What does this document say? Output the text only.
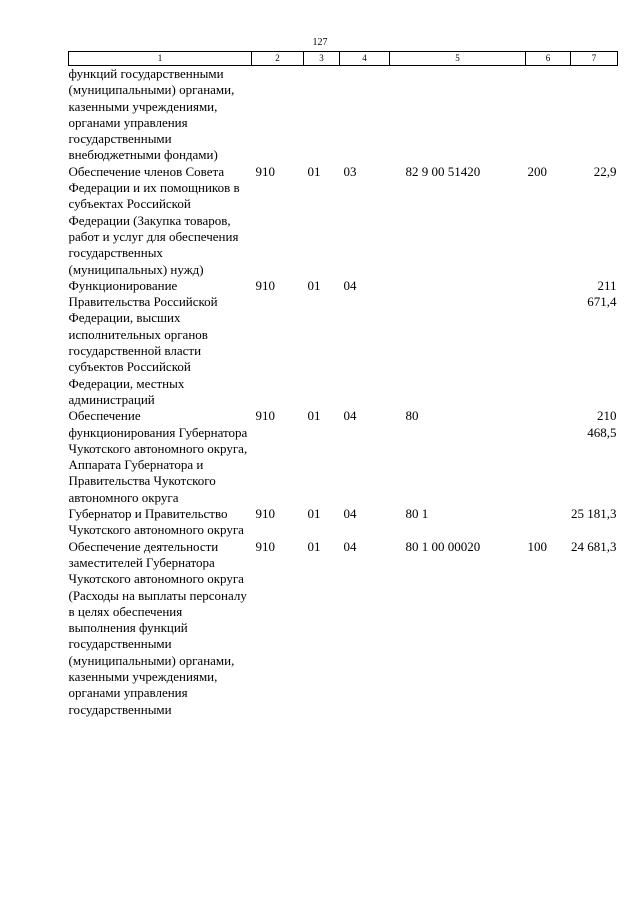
127
1	2	3	4	5	6	7
функций государственными (муниципальными) органами, казенными учреждениями, органами управления государственными внебюджетными фондами)						
Обеспечение членов Совета Федерации и их помощников в субъектах Российской Федерации (Закупка товаров, работ и услуг для обеспечения государственных (муниципальных) нужд)	910	01	03	82 9 00 51420	200	22,9
Функционирование Правительства Российской Федерации, высших исполнительных органов государственной власти субъектов Российской Федерации, местных администраций	910	01	04			211 671,4
Обеспечение функционирования Губернатора Чукотского автономного округа, Аппарата Губернатора и Правительства Чукотского автономного округа	910	01	04	80		210 468,5
Губернатор и Правительство Чукотского автономного округа	910	01	04	80 1		25 181,3
Обеспечение деятельности заместителей Губернатора Чукотского автономного округа (Расходы на выплаты персоналу в целях обеспечения выполнения функций государственными (муниципальными) органами, казенными учреждениями, органами управления государственными	910	01	04	80 1 00 00020	100	24 681,3
